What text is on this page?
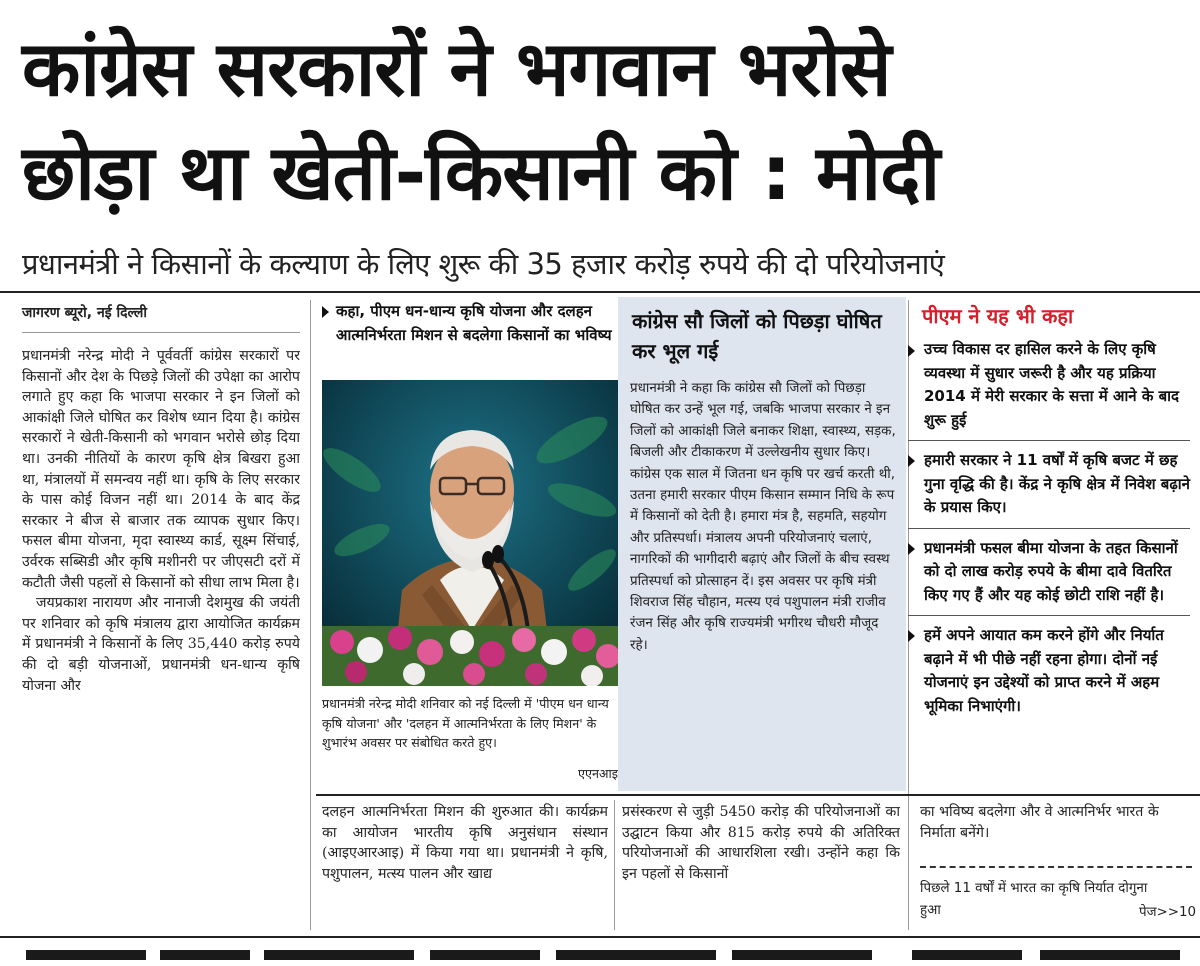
कांग्रेस सरकारों ने भगवान भरोसे
छोड़ा था खेती-किसानी को : मोदी
प्रधानमंत्री ने किसानों के कल्याण के लिए शुरू की 35 हजार करोड़ रुपये की दो परियोजनाएं
जागरण ब्यूरो, नई दिल्ली

प्रधानमंत्री नरेन्द्र मोदी ने पूर्ववर्ती कांग्रेस सरकारों पर किसानों और देश के पिछड़े जिलों की उपेक्षा का आरोप लगाते हुए कहा कि भाजपा सरकार ने इन जिलों को आकांक्षी जिले घोषित कर विशेष ध्यान दिया है। कांग्रेस सरकारों ने खेती-किसानी को भगवान भरोसे छोड़ दिया था। उनकी नीतियों के कारण कृषि क्षेत्र बिखरा हुआ था, मंत्रालयों में समन्वय नहीं था। कृषि के लिए सरकार के पास कोई विजन नहीं था। 2014 के बाद केंद्र सरकार ने बीज से बाजार तक व्यापक सुधार किए। फसल बीमा योजना, मृदा स्वास्थ्य कार्ड, सूक्ष्म सिंचाई, उर्वरक सब्सिडी और कृषि मशीनरी पर जीएसटी दरों में कटौती जैसी पहलों से किसानों को सीधा लाभ मिला है।

जयप्रकाश नारायण और नानाजी देशमुख की जयंती पर शनिवार को कृषि मंत्रालय द्वारा आयोजित कार्यक्रम में प्रधानमंत्री ने किसानों के लिए 35,440 करोड़ रुपये की दो बड़ी योजनाओं, प्रधानमंत्री धन-धान्य कृषि योजना और

कहा, पीएम धन-धान्य कृषि योजना और दलहन आत्मनिर्भरता मिशन से बदलेगा किसानों का भविष्य
प्रधानमंत्री नरेन्द्र मोदी शनिवार को नई दिल्ली में 'पीएम धन धान्य कृषि योजना' और 'दलहन में आत्मनिर्भरता के लिए मिशन' के शुभारंभ अवसर पर संबोधित करते हुए।
एएनआइ
कांग्रेस सौ जिलों को पिछड़ा घोषित कर भूल गई
प्रधानमंत्री ने कहा कि कांग्रेस सौ जिलों को पिछड़ा घोषित कर उन्हें भूल गई, जबकि भाजपा सरकार ने इन जिलों को आकांक्षी जिले बनाकर शिक्षा, स्वास्थ्य, सड़क, बिजली और टीकाकरण में उल्लेखनीय सुधार किए। कांग्रेस एक साल में जितना धन कृषि पर खर्च करती थी, उतना हमारी सरकार पीएम किसान सम्मान निधि के रूप में किसानों को देती है। हमारा मंत्र है, सहमति, सहयोग और प्रतिस्पर्धा। मंत्रालय अपनी परियोजनाएं चलाएं, नागरिकों की भागीदारी बढ़ाएं और जिलों के बीच स्वस्थ प्रतिस्पर्धा को प्रोत्साहन दें। इस अवसर पर कृषि मंत्री शिवराज सिंह चौहान, मत्स्य एवं पशुपालन मंत्री राजीव रंजन सिंह और कृषि राज्यमंत्री भगीरथ चौधरी मौजूद रहे।
पीएम ने यह भी कहा
उच्च विकास दर हासिल करने के लिए कृषि व्यवस्था में सुधार जरूरी है और यह प्रक्रिया 2014 में मेरी सरकार के सत्ता में आने के बाद शुरू हुई
हमारी सरकार ने 11 वर्षों में कृषि बजट में छह गुना वृद्धि की है। केंद्र ने कृषि क्षेत्र में निवेश बढ़ाने के प्रयास किए।
प्रधानमंत्री फसल बीमा योजना के तहत किसानों को दो लाख करोड़ रुपये के बीमा दावे वितरित किए गए हैं और यह कोई छोटी राशि नहीं है।
हमें अपने आयात कम करने होंगे और निर्यात बढ़ाने में भी पीछे नहीं रहना होगा। दोनों नई योजनाएं इन उद्देश्यों को प्राप्त करने में अहम भूमिका निभाएंगी।
दलहन आत्मनिर्भरता मिशन की शुरुआत की। कार्यक्रम का आयोजन भारतीय कृषि अनुसंधान संस्थान (आइएआरआइ) में किया गया था। प्रधानमंत्री ने कृषि, पशुपालन, मत्स्य पालन और खाद्य
प्रसंस्करण से जुड़ी 5450 करोड़ की परियोजनाओं का उद्घाटन किया और 815 करोड़ रुपये की अतिरिक्त परियोजनाओं की आधारशिला रखी। उन्होंने कहा कि इन पहलों से किसानों
का भविष्य बदलेगा और वे आत्मनिर्भर भारत के निर्माता बनेंगे।
पिछले 11 वर्षों में भारत का कृषि निर्यात दोगुना हुआ	पेज>>10
